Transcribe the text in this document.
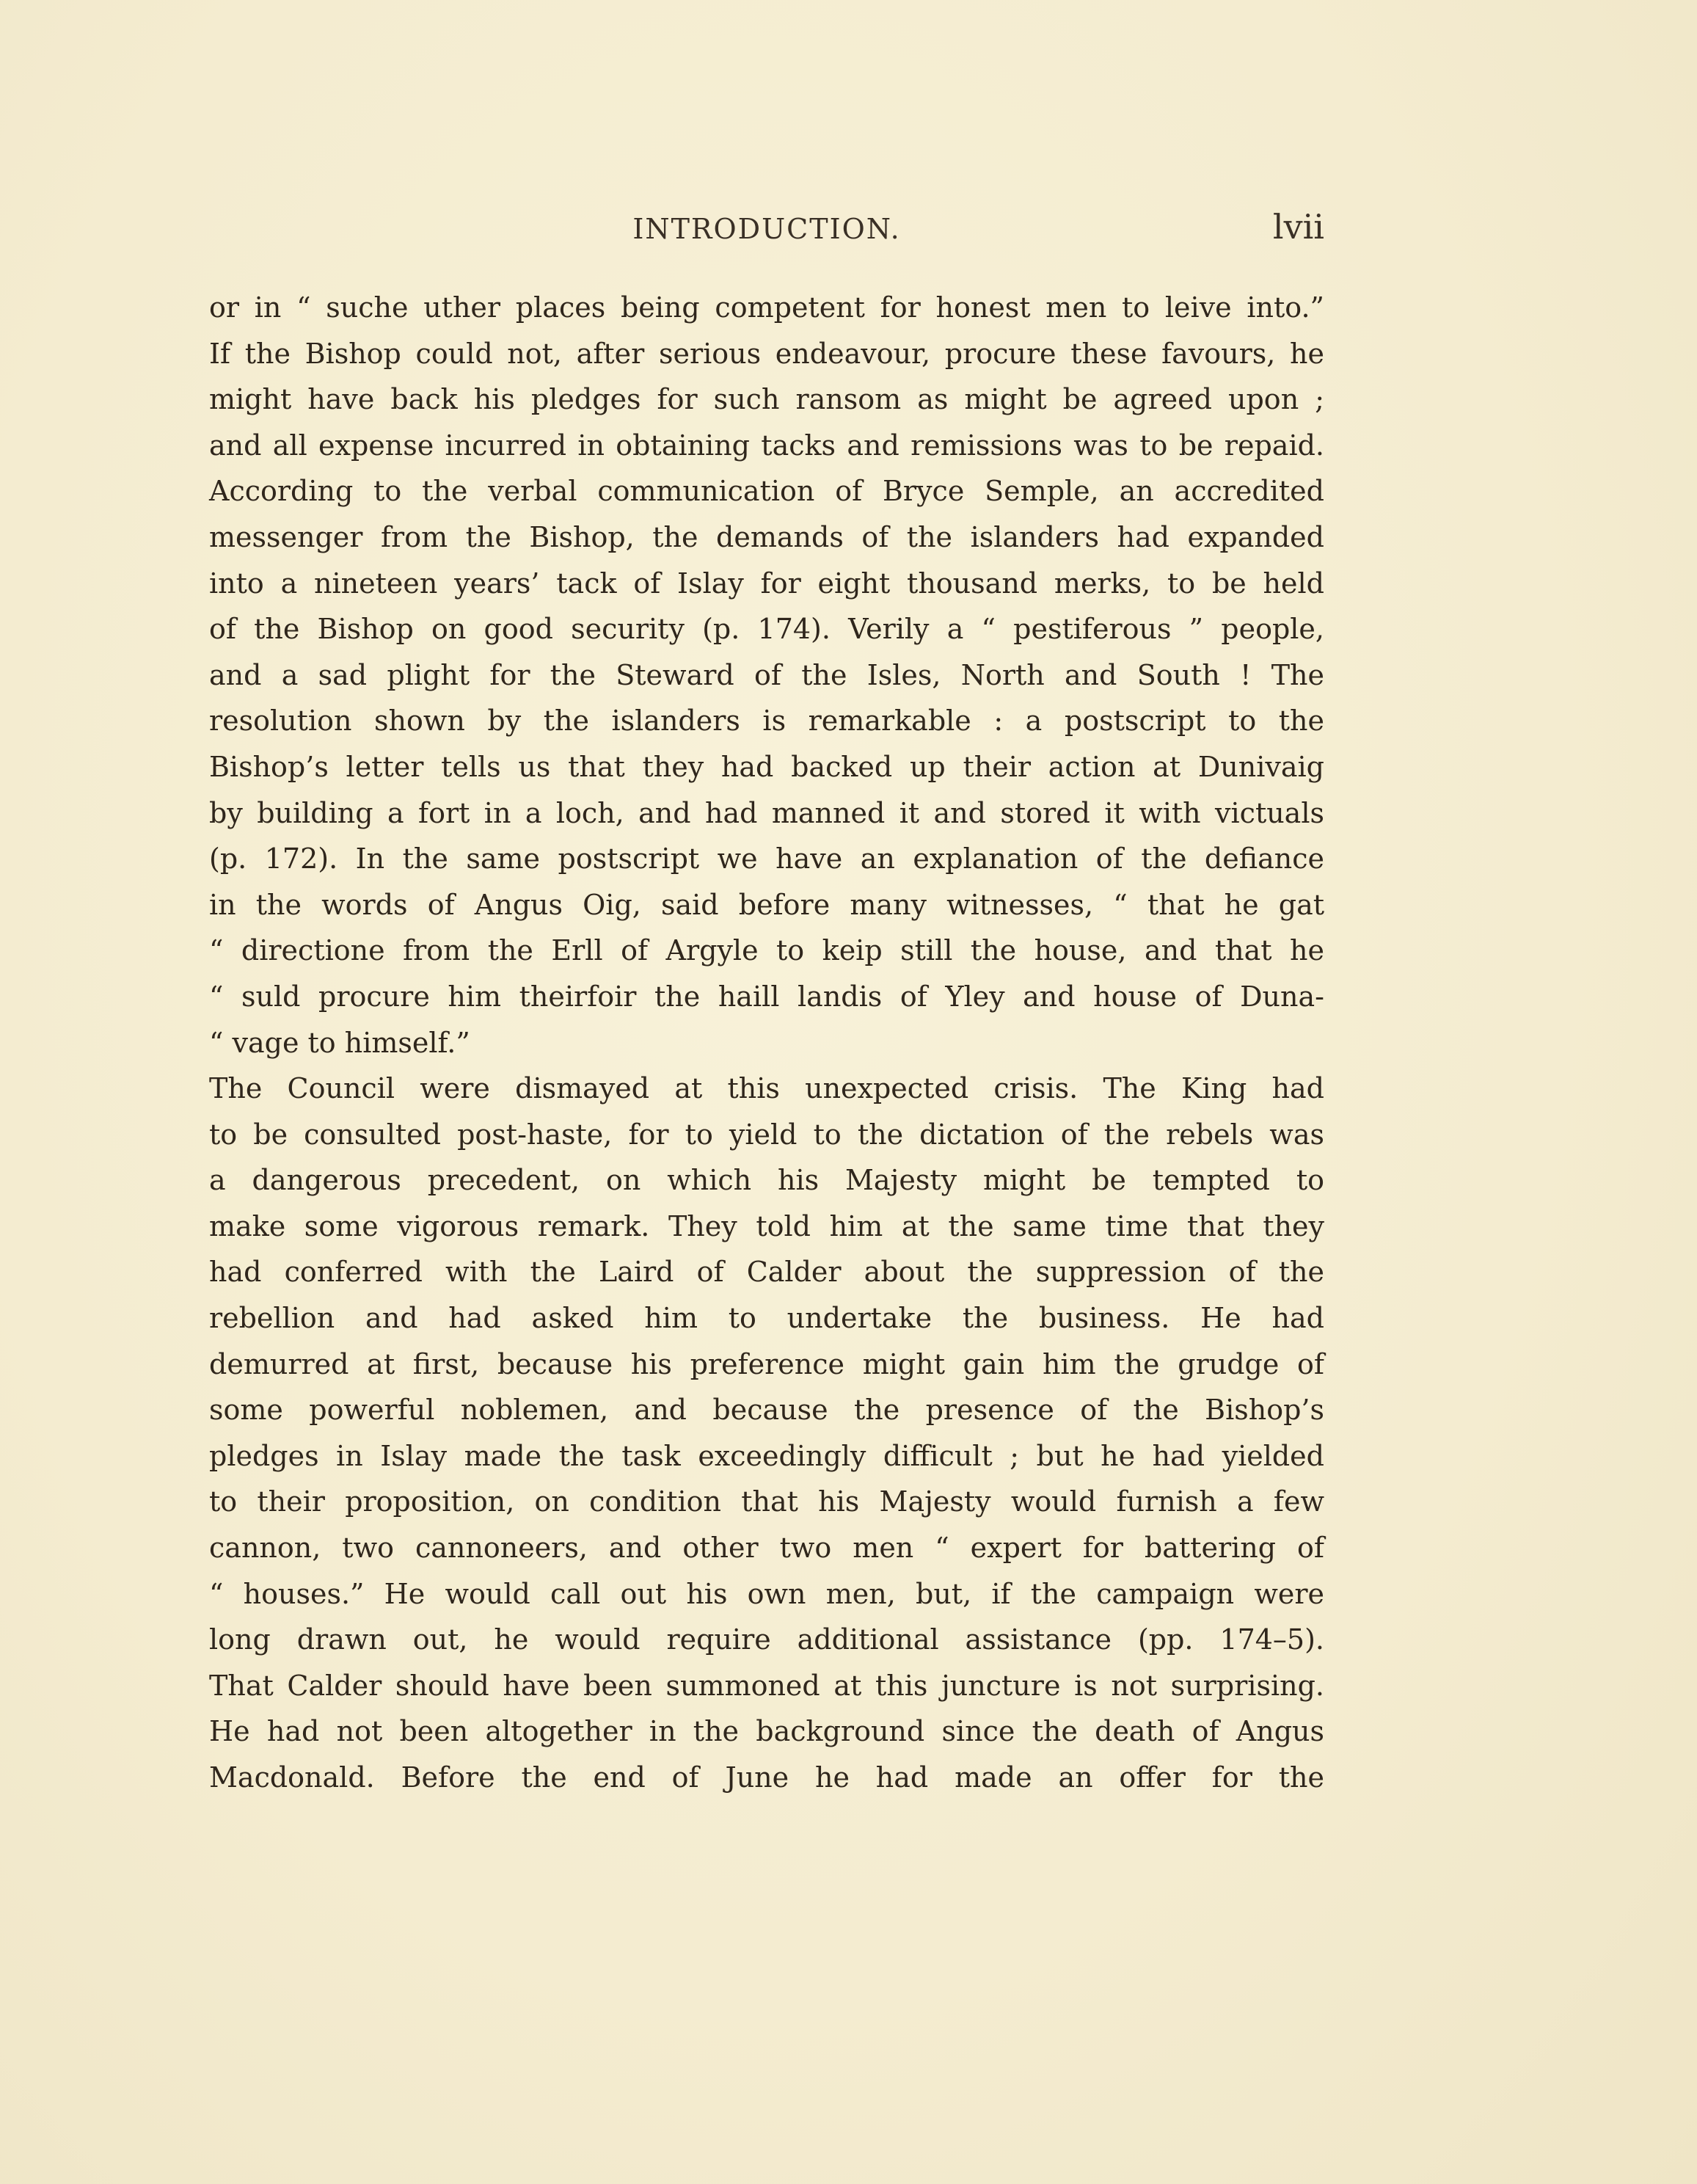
INTRODUCTION.	lvii
or in “ suche uther places being competent for honest men to leive into.”
If the Bishop could not, after serious endeavour, procure these favours, he
might have back his pledges for such ransom as might be agreed upon ;
and all expense incurred in obtaining tacks and remissions was to be repaid.
According to the verbal communication of Bryce Semple, an accredited
messenger from the Bishop, the demands of the islanders had expanded
into a nineteen years’ tack of Islay for eight thousand merks, to be held
of the Bishop on good security (p. 174). Verily a “ pestiferous ” people,
and a sad plight for the Steward of the Isles, North and South ! The
resolution shown by the islanders is remarkable : a postscript to the
Bishop’s letter tells us that they had backed up their action at Dunivaig
by building a fort in a loch, and had manned it and stored it with victuals
(p. 172). In the same postscript we have an explanation of the defiance
in the words of Angus Oig, said before many witnesses, “ that he gat
“ directione from the Erll of Argyle to keip still the house, and that he
“ suld procure him theirfoir the haill landis of Yley and house of Duna-
“ vage to himself.”
The Council were dismayed at this unexpected crisis. The King had
to be consulted post-haste, for to yield to the dictation of the rebels was
a dangerous precedent, on which his Majesty might be tempted to
make some vigorous remark. They told him at the same time that they
had conferred with the Laird of Calder about the suppression of the
rebellion and had asked him to undertake the business. He had
demurred at first, because his preference might gain him the grudge of
some powerful noblemen, and because the presence of the Bishop’s
pledges in Islay made the task exceedingly difficult ; but he had yielded
to their proposition, on condition that his Majesty would furnish a few
cannon, two cannoneers, and other two men “ expert for battering of
“ houses.” He would call out his own men, but, if the campaign were
long drawn out, he would require additional assistance (pp. 174–5).
That Calder should have been summoned at this juncture is not surprising.
He had not been altogether in the background since the death of Angus
Macdonald. Before the end of June he had made an offer for the
